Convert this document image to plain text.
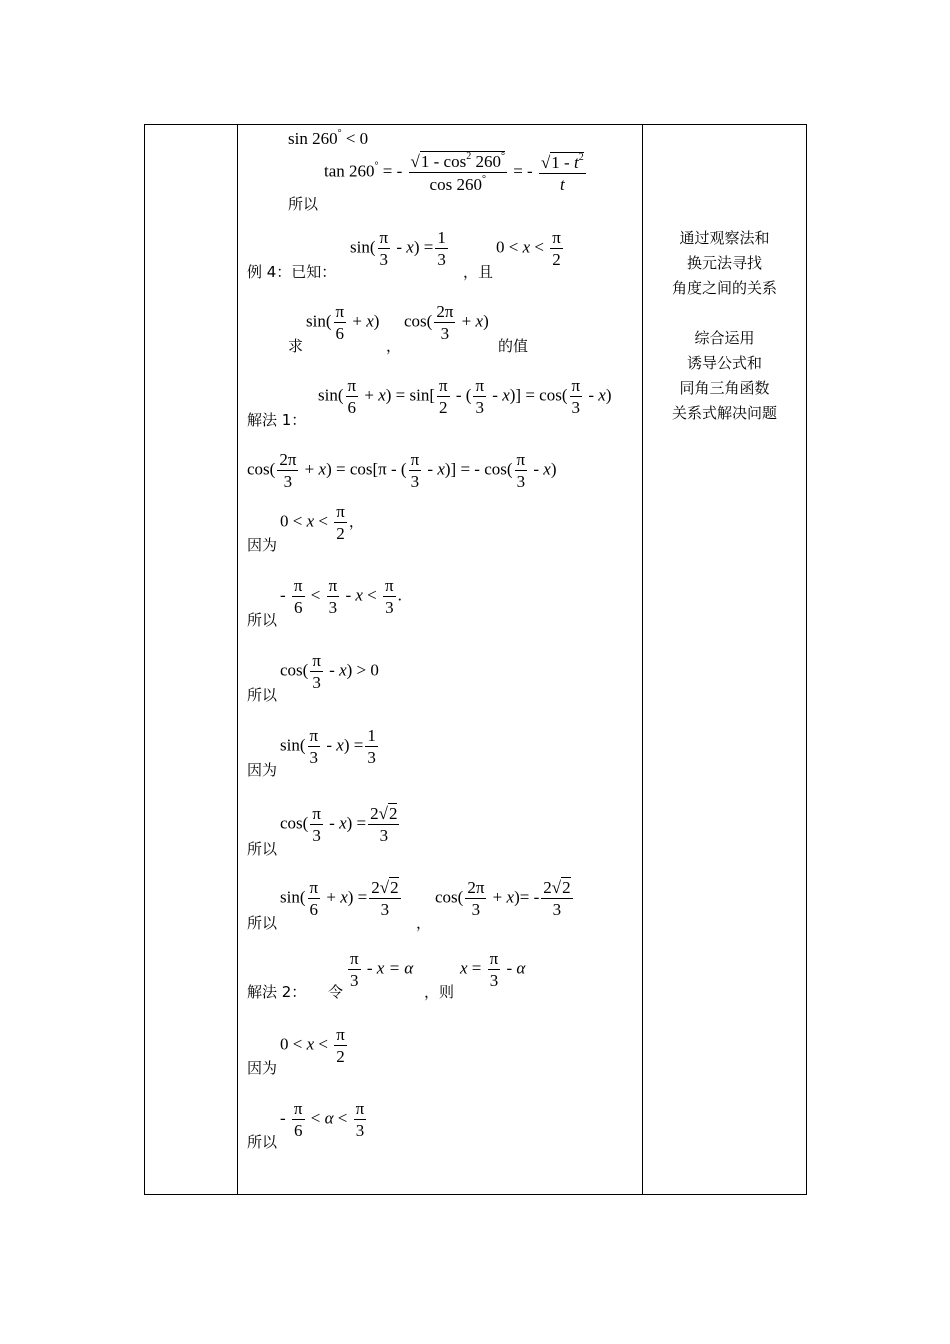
sin 260° < 0
所以
tan 260° = - $\frac{√1 - \cos^2 260^\circ}{\cos 260^\circ}$ = - $\frac{√1 - t^2}{t}$
例 4：已知：
$\sin( \frac{\pi}{3} - x) = \frac{1}{3}$
，且
$0 < x < \frac{\pi}{2}$
求
$\sin( \frac{\pi}{6} + x)$
，
$\cos( \frac{2\pi}{3} + x)$
的值
解法 1：
$\sin( \frac{\pi}{6} + x) = \sin[ \frac{\pi}{2}$ - ( $\frac{\pi}{3} - x)] = \cos( \frac{\pi}{3} - x)$
$\cos( \frac{2\pi}{3} + x) = \cos[\pi$ - ( $\frac{\pi}{3} - x$)] = - $\cos( \frac{\pi}{3} - x)$
因为
$0 < x < \frac{\pi}{2}$ ，
所以
- $\frac{\pi}{6} < \frac{\pi}{3} - x < \frac{\pi}{3}$ .
所以
$\cos( \frac{\pi}{3} - x) > 0$
因为
$\sin( \frac{\pi}{3} - x) = \frac{1}{3}$
所以
$\cos( \frac{\pi}{3} - x) = \frac{2√2}{3}$
所以
$\sin( \frac{\pi}{6} + x) = \frac{2√2}{3}$
，
$\cos( \frac{2\pi}{3} + x)= - \frac{2√2}{3}$
解法 2： 令
$\frac{\pi}{3} - x = \alpha$
，则
$x = \frac{\pi}{3} - \alpha$
因为
$0 < x < \frac{\pi}{2}$
所以
- $\frac{\pi}{6} < \alpha < \frac{\pi}{3}$
通过观察法和
换元法寻找
角度之间的关系

综合运用
诱导公式和
同角三角函数
关系式解决问题
